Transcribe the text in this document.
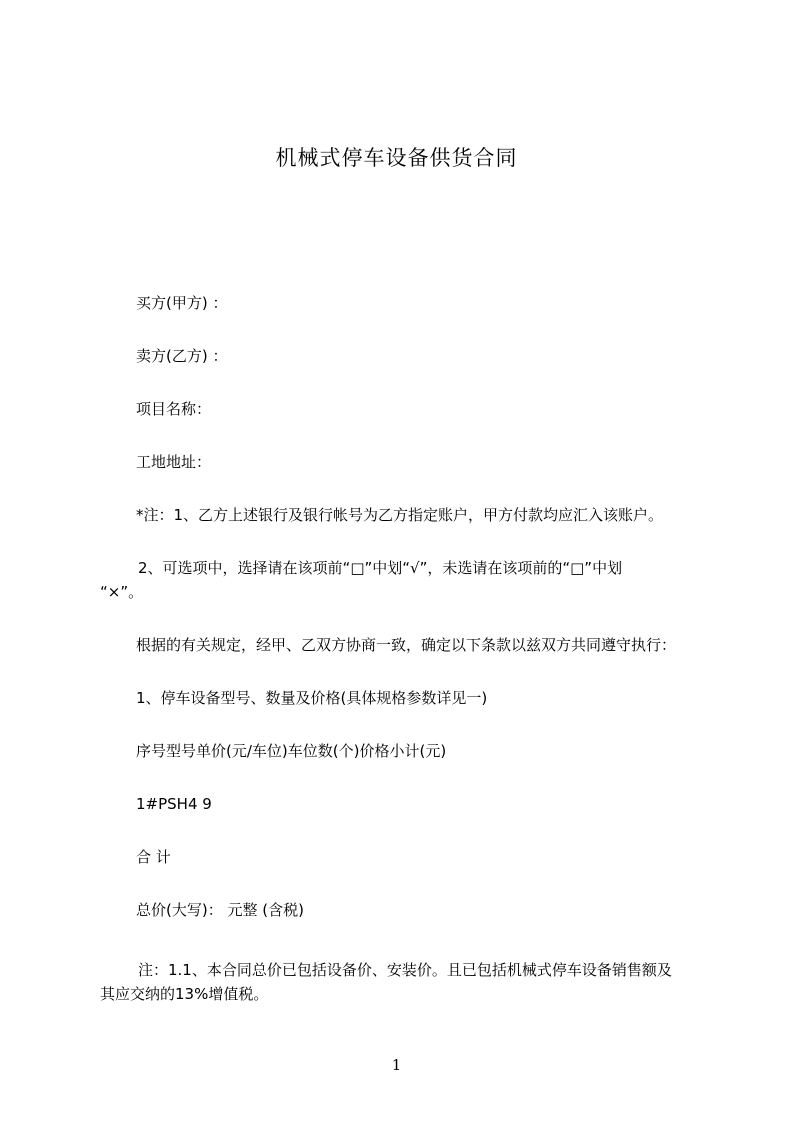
机械式停车设备供货合同
买方(甲方) ：
卖方(乙方) ：
项目名称：
工地地址：
*注：1、乙方上述银行及银行帐号为乙方指定账户，甲方付款均应汇入该账户。
2、可选项中，选择请在该项前“□”中划“√”，未选请在该项前的“□”中划
“×”。
根据的有关规定，经甲、乙双方协商一致，确定以下条款以兹双方共同遵守执行：
1、停车设备型号、数量及价格(具体规格参数详见一)
序号型号单价(元/车位)车位数(个)价格小计(元)
1#PSH4 9
合 计
总价(大写)： 元整 (含税)
注：1.1、本合同总价已包括设备价、安装价。且已包括机械式停车设备销售额及
其应交纳的13%增值税。
1
